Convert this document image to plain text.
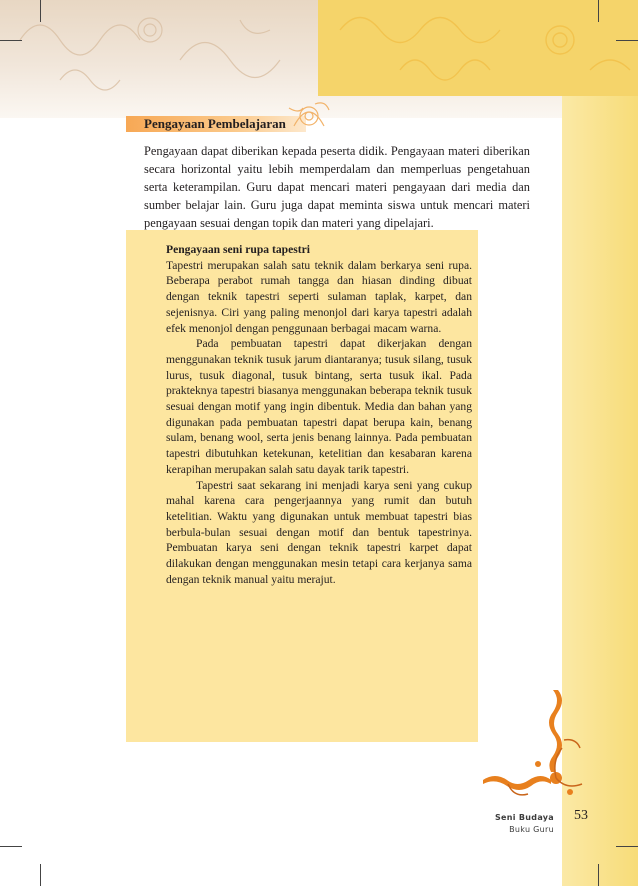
Pengayaan Pembelajaran

Pengayaan dapat diberikan kepada peserta didik. Pengayaan materi diberikan secara horizontal yaitu lebih memperdalam dan memperluas pengetahuan serta keterampilan. Guru dapat mencari materi pengayaan dari media dan sumber belajar lain. Guru juga dapat meminta siswa untuk mencari materi pengayaan sesuai dengan topik dan materi yang dipelajari.

Pengayaan seni rupa tapestri

Tapestri merupakan salah satu teknik dalam berkarya seni rupa. Beberapa perabot rumah tangga dan hiasan dinding dibuat dengan teknik tapestri seperti sulaman taplak, karpet, dan sejenisnya. Ciri yang paling menonjol dari karya tapestri adalah efek menonjol dengan penggunaan berbagai macam warna.

Pada pembuatan tapestri dapat dikerjakan dengan menggunakan teknik tusuk jarum diantaranya; tusuk silang, tusuk lurus, tusuk diagonal, tusuk bintang, serta tusuk ikal. Pada prakteknya tapestri biasanya menggunakan beberapa teknik tusuk sesuai dengan motif yang ingin dibentuk. Media dan bahan yang digunakan pada pembuatan tapestri dapat berupa kain, benang sulam, benang wool, serta jenis benang lainnya. Pada pembuatan tapestri dibutuhkan ketekunan, ketelitian dan kesabaran karena kerapihan merupakan salah satu dayak tarik tapestri.

Tapestri saat sekarang ini menjadi karya seni yang cukup mahal karena cara pengerjaannya yang rumit dan butuh ketelitian. Waktu yang digunakan untuk membuat tapestri bias berbula-bulan sesuai dengan motif dan bentuk tapestrinya. Pembuatan karya seni dengan teknik tapestri karpet dapat dilakukan dengan menggunakan mesin tetapi cara kerjanya sama dengan teknik manual yaitu merajut.

Seni Budaya
Buku Guru
53
